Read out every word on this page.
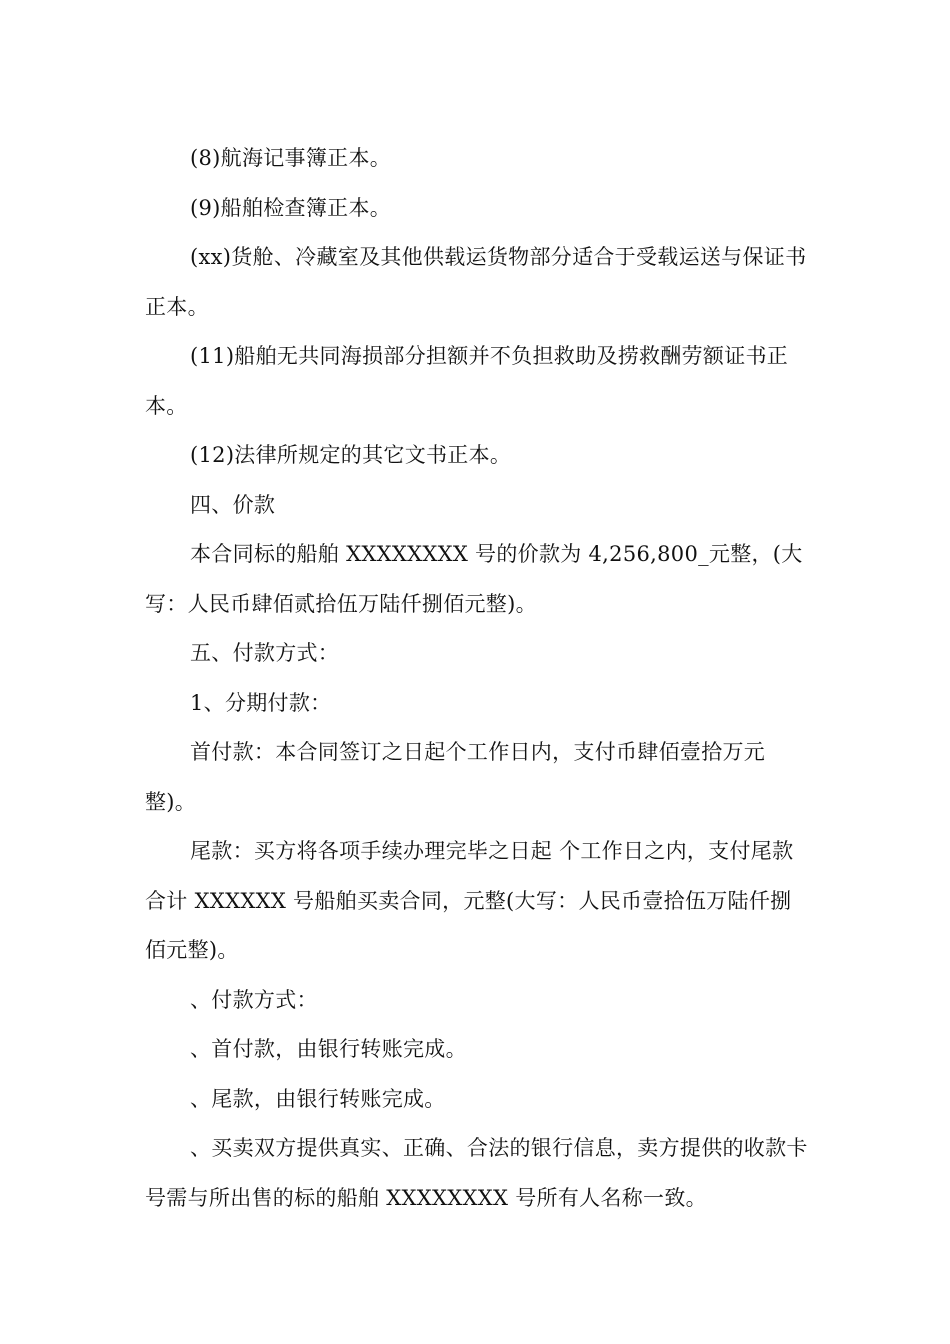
(8)航海记事簿正本。

(9)船舶检查簿正本。

(xx)货舱、冷藏室及其他供载运货物部分适合于受载运送与保证书正本。

(11)船舶无共同海损部分担额并不负担救助及捞救酬劳额证书正本。

(12)法律所规定的其它文书正本。

四、价款

本合同标的船舶 XXXXXXXX 号的价款为 4,256,800_元整，(大写：人民币肆佰贰拾伍万陆仟捌佰元整)。

五、付款方式：

1、分期付款：

首付款：本合同签订之日起个工作日内，支付币肆佰壹拾万元整)。

尾款：买方将各项手续办理完毕之日起 个工作日之内，支付尾款合计 XXXXXX 号船舶买卖合同，元整(大写：人民币壹拾伍万陆仟捌佰元整)。

、付款方式：

、首付款，由银行转账完成。

、尾款，由银行转账完成。

、买卖双方提供真实、正确、合法的银行信息，卖方提供的收款卡号需与所出售的标的船舶 XXXXXXXX 号所有人名称一致。
